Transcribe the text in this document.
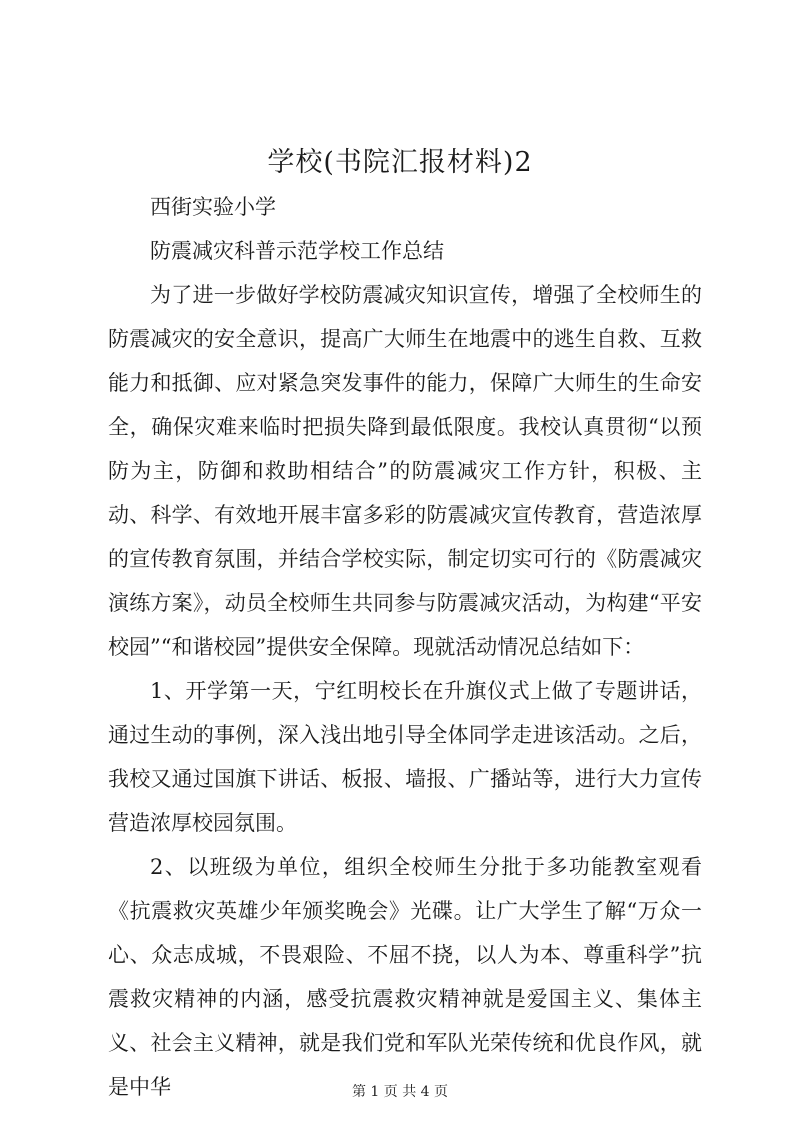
学校(书院汇报材料)2

西街实验小学

防震减灾科普示范学校工作总结

为了进一步做好学校防震减灾知识宣传，增强了全校师生的防震减灾的安全意识，提高广大师生在地震中的逃生自救、互救能力和抵御、应对紧急突发事件的能力，保障广大师生的生命安全，确保灾难来临时把损失降到最低限度。我校认真贯彻“以预防为主，防御和救助相结合”的防震减灾工作方针，积极、主动、科学、有效地开展丰富多彩的防震减灾宣传教育，营造浓厚的宣传教育氛围，并结合学校实际，制定切实可行的《防震减灾演练方案》，动员全校师生共同参与防震减灾活动，为构建“平安校园”“和谐校园”提供安全保障。现就活动情况总结如下：

1、开学第一天，宁红明校长在升旗仪式上做了专题讲话，通过生动的事例，深入浅出地引导全体同学走进该活动。之后，我校又通过国旗下讲话、板报、墙报、广播站等，进行大力宣传营造浓厚校园氛围。

2、以班级为单位，组织全校师生分批于多功能教室观看《抗震救灾英雄少年颁奖晚会》光碟。让广大学生了解“万众一心、众志成城，不畏艰险、不屈不挠，以人为本、尊重科学”抗震救灾精神的内涵，感受抗震救灾精神就是爱国主义、集体主义、社会主义精神，就是我们党和军队光荣传统和优良作风，就是中华	第 1 页 共 4 页
